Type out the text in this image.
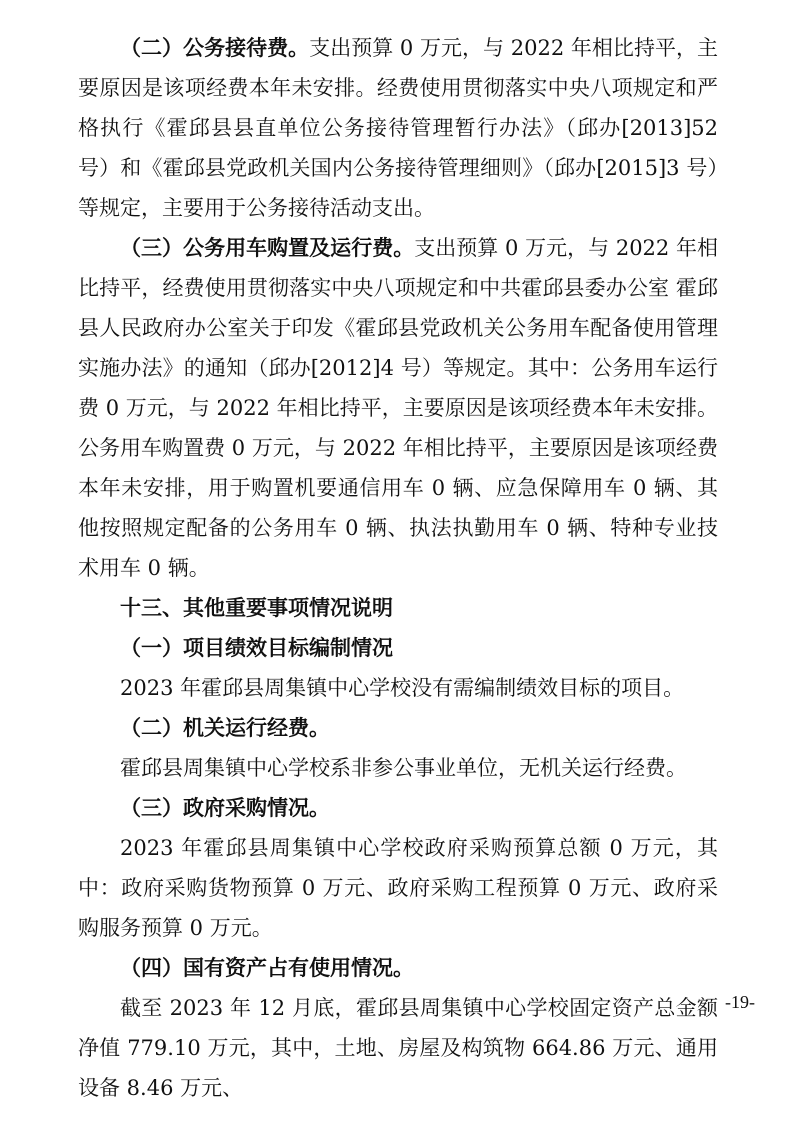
（二）公务接待费。支出预算 0 万元，与 2022 年相比持平，主要原因是该项经费本年未安排。经费使用贯彻落实中央八项规定和严格执行《霍邱县县直单位公务接待管理暂行办法》（邱办[2013]52 号）和《霍邱县党政机关国内公务接待管理细则》（邱办[2015]3 号）等规定，主要用于公务接待活动支出。

（三）公务用车购置及运行费。支出预算 0 万元，与 2022 年相比持平，经费使用贯彻落实中央八项规定和中共霍邱县委办公室 霍邱县人民政府办公室关于印发《霍邱县党政机关公务用车配备使用管理实施办法》的通知（邱办[2012]4 号）等规定。其中：公务用车运行费 0 万元，与 2022 年相比持平，主要原因是该项经费本年未安排。公务用车购置费 0 万元，与 2022 年相比持平，主要原因是该项经费本年未安排，用于购置机要通信用车 0 辆、应急保障用车 0 辆、其他按照规定配备的公务用车 0 辆、执法执勤用车 0 辆、特种专业技术用车 0 辆。

十三、其他重要事项情况说明

（一）项目绩效目标编制情况

2023 年霍邱县周集镇中心学校没有需编制绩效目标的项目。

（二）机关运行经费。

霍邱县周集镇中心学校系非参公事业单位，无机关运行经费。

（三）政府采购情况。

2023 年霍邱县周集镇中心学校政府采购预算总额 0 万元，其中：政府采购货物预算 0 万元、政府采购工程预算 0 万元、政府采购服务预算 0 万元。

（四）国有资产占有使用情况。

截至 2023 年 12 月底，霍邱县周集镇中心学校固定资产总金额净值 779.10 万元，其中，土地、房屋及构筑物 664.86 万元、通用设备 8.46 万元、

-19-
